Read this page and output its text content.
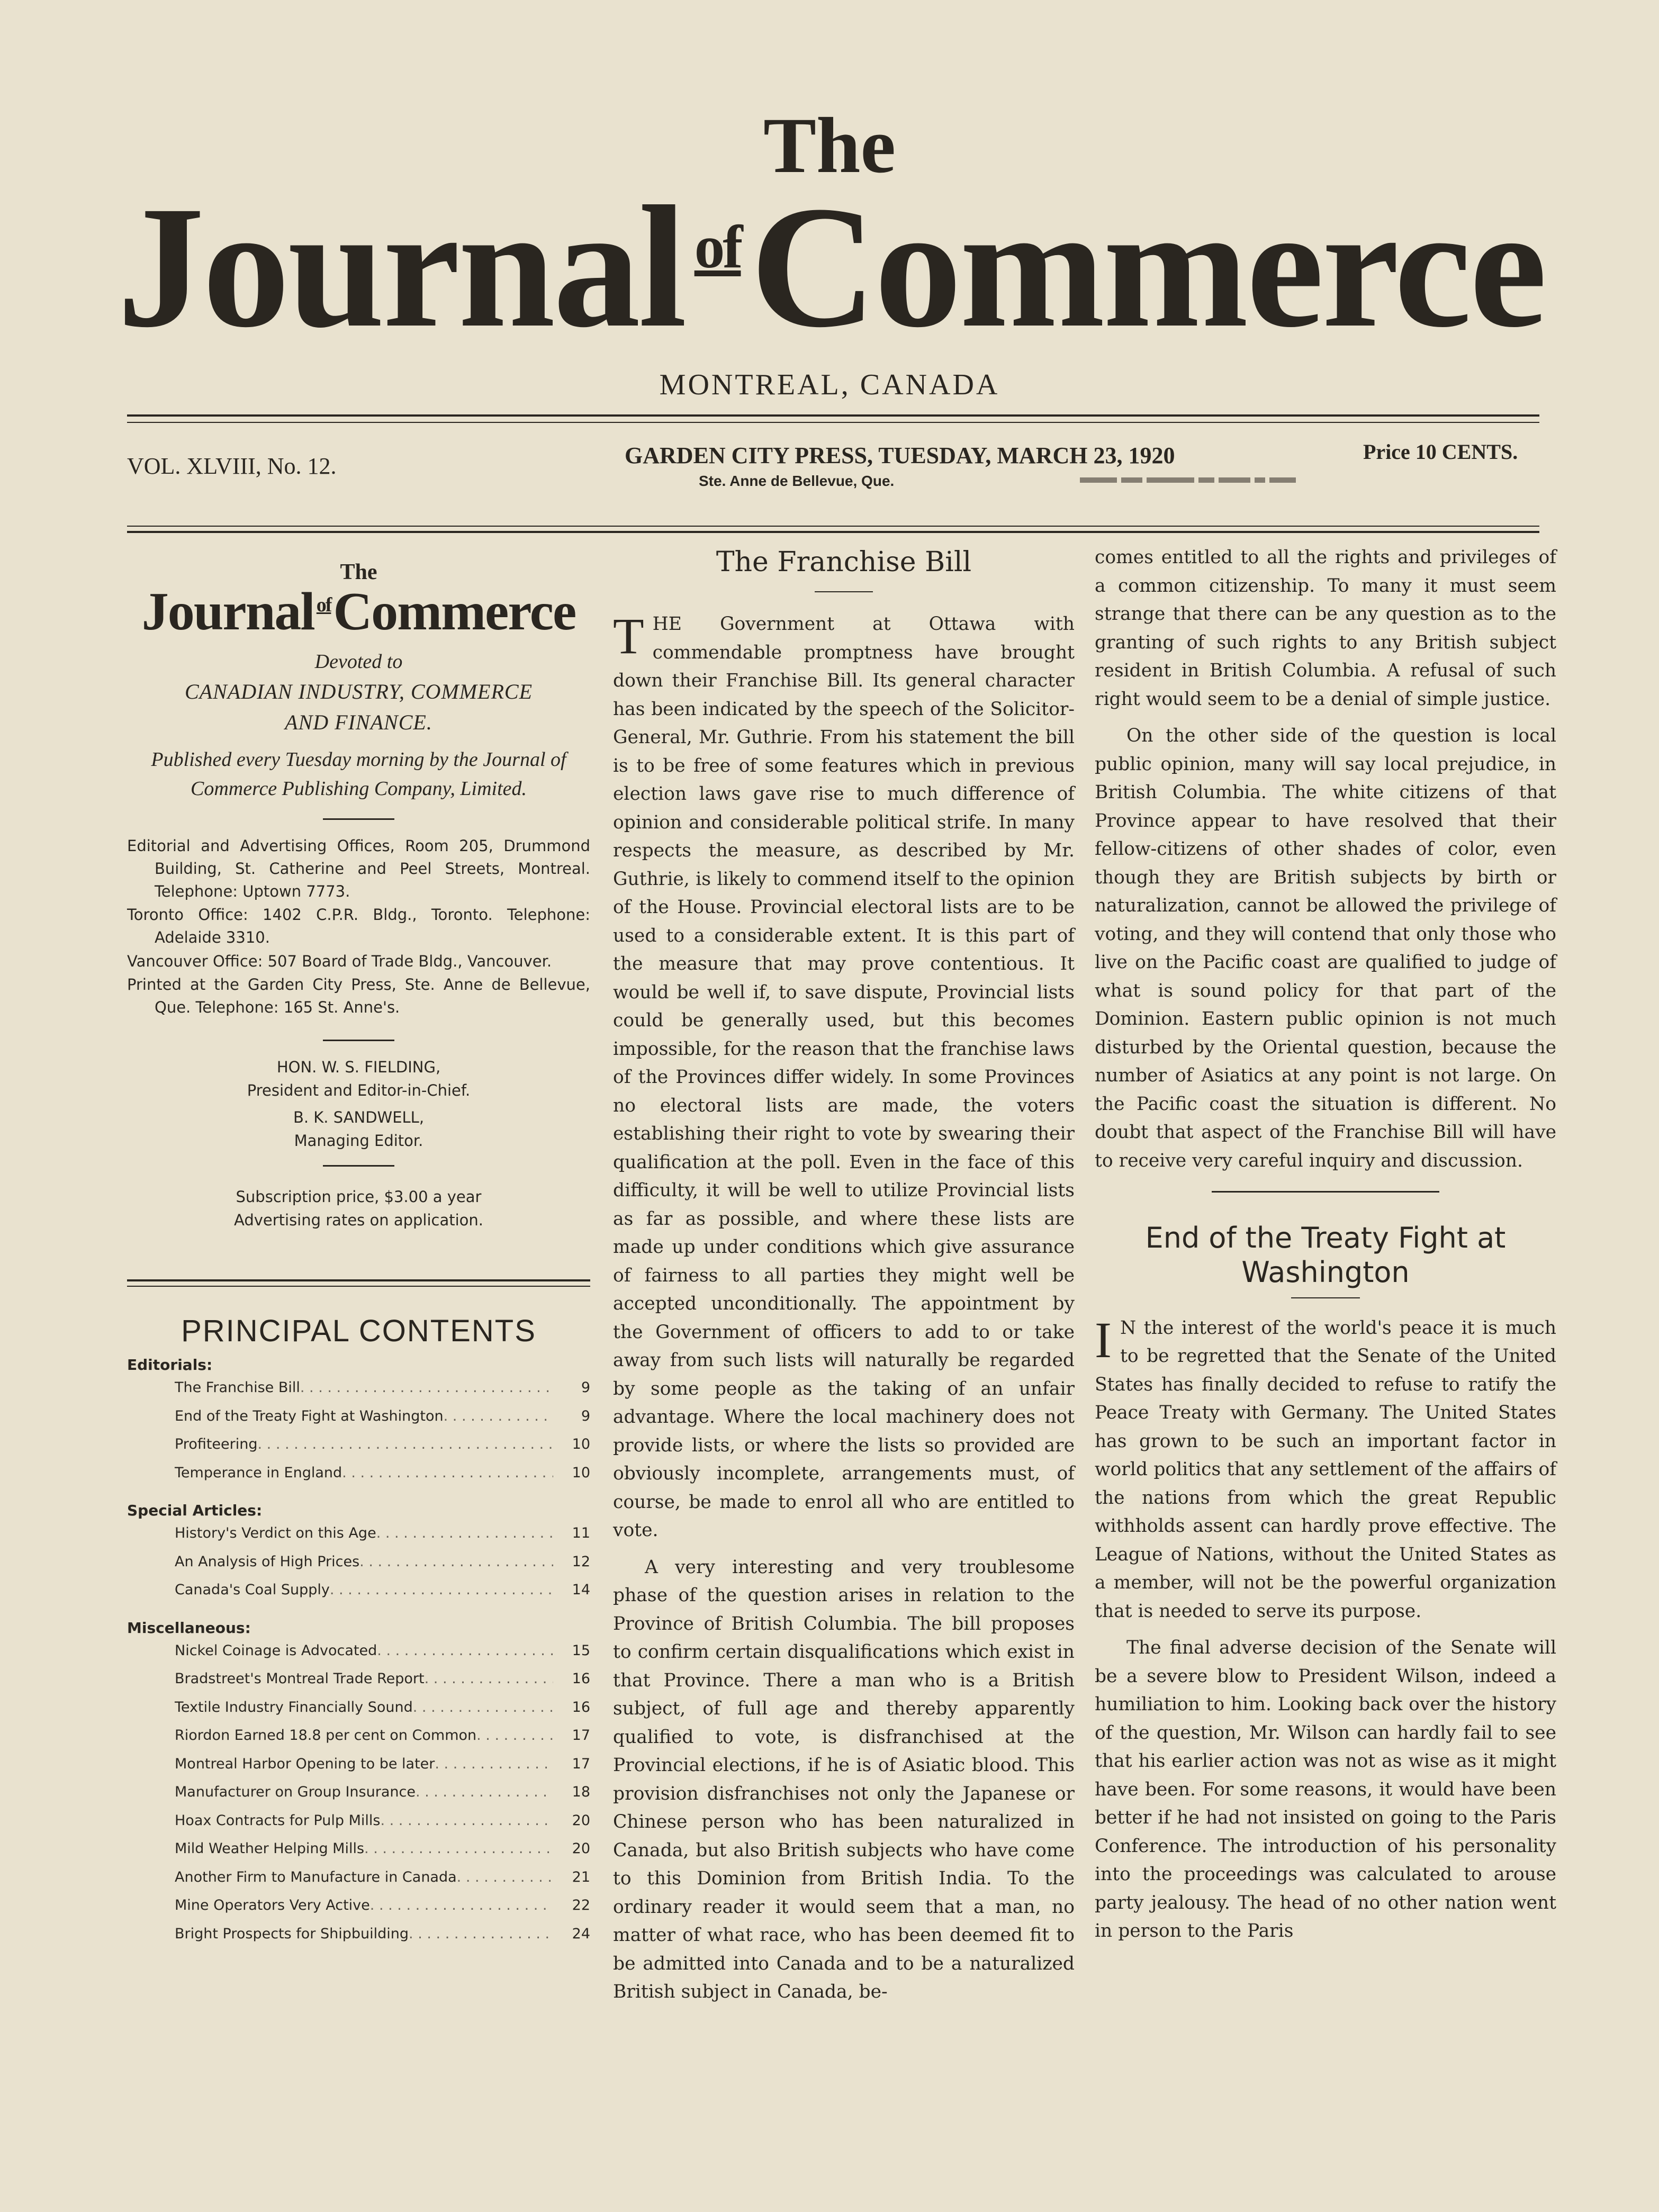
The
Journal $^{of}$Commerce
MONTREAL, CANADA
VOL. XLVIII, No. 12.	GARDEN CITY PRESS, TUESDAY, MARCH 23, 1920
Ste. Anne de Bellevue, Que.
Price 10 CENTS.
The
Journal $^{of}$Commerce
Devoted to
CANADIAN INDUSTRY, COMMERCE
AND FINANCE.
Published every Tuesday morning by the Journal of Commerce Publishing Company, Limited.

Editorial and Advertising Offices, Room 205, Drummond Building, St. Catherine and Peel Streets, Montreal. Telephone: Uptown 7773.

Toronto Office: 1402 C.P.R. Bldg., Toronto. Telephone: Adelaide 3310.

Vancouver Office: 507 Board of Trade Bldg., Vancouver.

Printed at the Garden City Press, Ste. Anne de Bellevue, Que. Telephone: 165 St. Anne's.

HON. W. S. FIELDING,
President and Editor-in-Chief.
B. K. SANDWELL,
Managing Editor.
Subscription price, $3.00 a year
Advertising rates on application.
PRINCIPAL CONTENTS

Editorials:

The Franchise Bill . . .	9
End of the Treaty Fight at Washington . . .	9
Profiteering . . .	10
Temperance in England . . .	10

Special Articles:

History's Verdict on this Age . . .	11
An Analysis of High Prices . . .	12
Canada's Coal Supply . . .	14

Miscellaneous:

Nickel Coinage is Advocated . . .	15
Bradstreet's Montreal Trade Report . . .	16
Textile Industry Financially Sound . . .	16
Riordon Earned 18.8 per cent on Common . . .	17
Montreal Harbor Opening to be later . . .	17
Manufacturer on Group Insurance . . .	18
Hoax Contracts for Pulp Mills . . .	20
Mild Weather Helping Mills . . .	20
Another Firm to Manufacture in Canada . . .	21
Mine Operators Very Active . . .	22
Bright Prospects for Shipbuilding . . .	24
The Franchise Bill

THE Government at Ottawa with commendable promptness have brought down their Franchise Bill. Its general character has been indicated by the speech of the Solicitor-General, Mr. Guthrie. From his statement the bill is to be free of some features which in previous election laws gave rise to much difference of opinion and considerable political strife. In many respects the measure, as described by Mr. Guthrie, is likely to commend itself to the opinion of the House. Provincial electoral lists are to be used to a considerable extent. It is this part of the measure that may prove contentious. It would be well if, to save dispute, Provincial lists could be generally used, but this becomes impossible, for the reason that the franchise laws of the Provinces differ widely. In some Provinces no electoral lists are made, the voters establishing their right to vote by swearing their qualification at the poll. Even in the face of this difficulty, it will be well to utilize Provincial lists as far as possible, and where these lists are made up under conditions which give assurance of fairness to all parties they might well be accepted unconditionally. The appointment by the Government of officers to add to or take away from such lists will naturally be regarded by some people as the taking of an unfair advantage. Where the local machinery does not provide lists, or where the lists so provided are obviously incomplete, arrangements must, of course, be made to enrol all who are entitled to vote.

A very interesting and very troublesome phase of the question arises in relation to the Province of British Columbia. The bill proposes to confirm certain disqualifications which exist in that Province. There a man who is a British subject, of full age and thereby apparently qualified to vote, is disfranchised at the Provincial elections, if he is of Asiatic blood. This provision disfranchises not only the Japanese or Chinese person who has been naturalized in Canada, but also British subjects who have come to this Dominion from British India. To the ordinary reader it would seem that a man, no matter of what race, who has been deemed fit to be admitted into Canada and to be a naturalized British subject in Canada, be-

comes entitled to all the rights and privileges of a common citizenship. To many it must seem strange that there can be any question as to the granting of such rights to any British subject resident in British Columbia. A refusal of such right would seem to be a denial of simple justice.

On the other side of the question is local public opinion, many will say local prejudice, in British Columbia. The white citizens of that Province appear to have resolved that their fellow-citizens of other shades of color, even though they are British subjects by birth or naturalization, cannot be allowed the privilege of voting, and they will contend that only those who live on the Pacific coast are qualified to judge of what is sound policy for that part of the Dominion. Eastern public opinion is not much disturbed by the Oriental question, because the number of Asiatics at any point is not large. On the Pacific coast the situation is different. No doubt that aspect of the Franchise Bill will have to receive very careful inquiry and discussion.

End of the Treaty Fight at
Washington

I N the interest of the world's peace it is much to be regretted that the Senate of the United States has finally decided to refuse to ratify the Peace Treaty with Germany. The United States has grown to be such an important factor in world politics that any settlement of the affairs of the nations from which the great Republic withholds assent can hardly prove effective. The League of Nations, without the United States as a member, will not be the powerful organization that is needed to serve its purpose.

The final adverse decision of the Senate will be a severe blow to President Wilson, indeed a humiliation to him. Looking back over the history of the question, Mr. Wilson can hardly fail to see that his earlier action was not as wise as it might have been. For some reasons, it would have been better if he had not insisted on going to the Paris Conference. The introduction of his personality into the proceedings was calculated to arouse party jealousy. The head of no other nation went in person to the Paris
